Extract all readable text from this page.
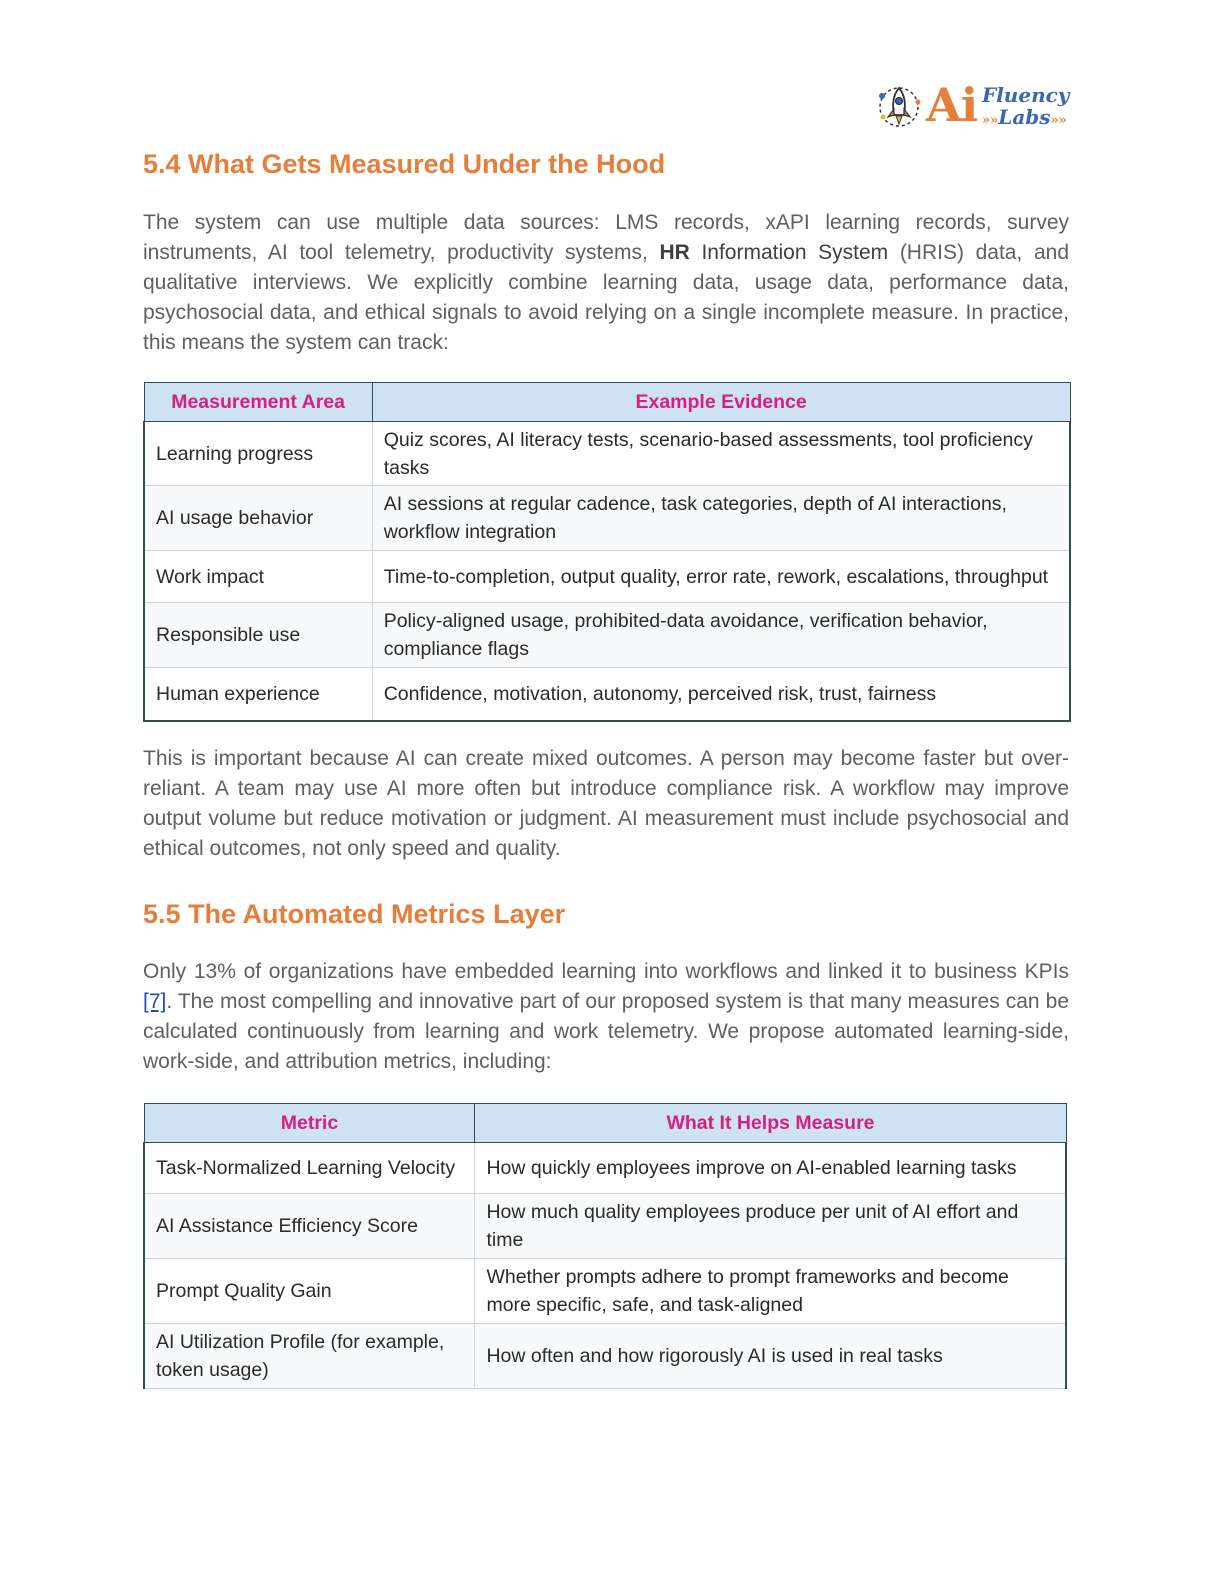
Ai Fluency
»»Labs»»
5.4 What Gets Measured Under the Hood

The system can use multiple data sources: LMS records, xAPI learning records, survey instruments, AI tool telemetry, productivity systems, HR Information System (HRIS) data, and qualitative interviews. We explicitly combine learning data, usage data, performance data, psychosocial data, and ethical signals to avoid relying on a single incomplete measure. In practice, this means the system can track:

Measurement Area	Example Evidence
Learning progress	Quiz scores, AI literacy tests, scenario-based assessments, tool proficiency tasks
AI usage behavior	AI sessions at regular cadence, task categories, depth of AI interactions, workflow integration
Work impact	Time-to-completion, output quality, error rate, rework, escalations, throughput
Responsible use	Policy-aligned usage, prohibited-data avoidance, verification behavior, compliance flags
Human experience	Confidence, motivation, autonomy, perceived risk, trust, fairness

This is important because AI can create mixed outcomes. A person may become faster but over-reliant. A team may use AI more often but introduce compliance risk. A workflow may improve output volume but reduce motivation or judgment. AI measurement must include psychosocial and ethical outcomes, not only speed and quality.

5.5 The Automated Metrics Layer

Only 13% of organizations have embedded learning into workflows and linked it to business KPIs [7]. The most compelling and innovative part of our proposed system is that many measures can be calculated continuously from learning and work telemetry. We propose automated learning-side, work-side, and attribution metrics, including:

Metric	What It Helps Measure
Task-Normalized Learning Velocity	How quickly employees improve on AI-enabled learning tasks
AI Assistance Efficiency Score	How much quality employees produce per unit of AI effort and time
Prompt Quality Gain	Whether prompts adhere to prompt frameworks and become more specific, safe, and task-aligned
AI Utilization Profile (for example, token usage)	How often and how rigorously AI is used in real tasks
